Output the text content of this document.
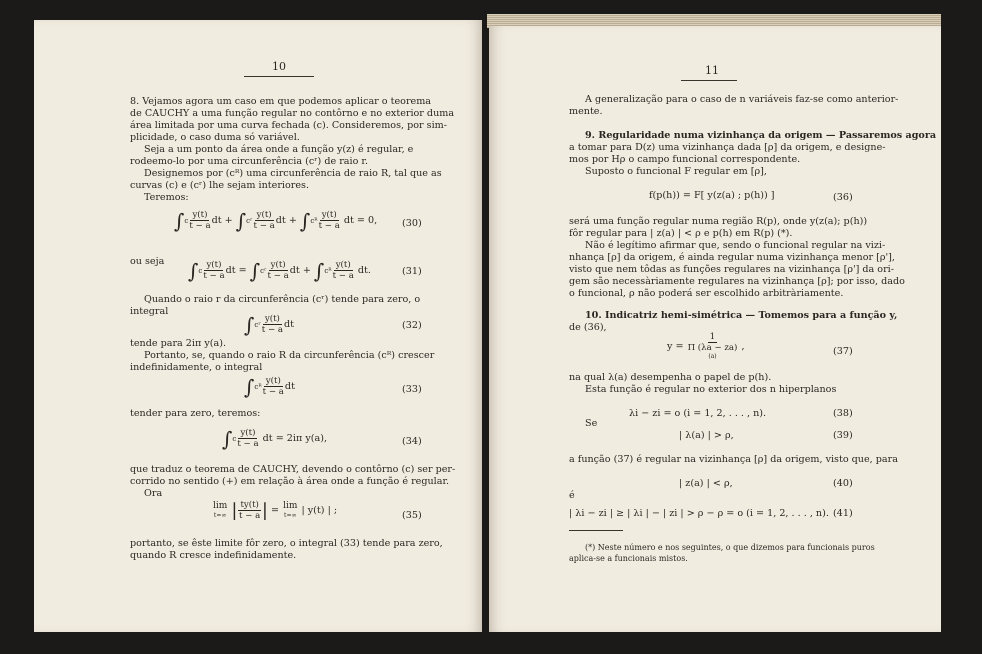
10
8. Vejamos agora um caso em que podemos aplicar o teorema
de CAUCHY a uma função regular no contôrno e no exterior duma
área limitada por uma curva fechada (c). Consideremos, por sim-
plicidade, o caso duma só variável.
Seja a um ponto da área onde a função y(z) é regular, e
rodeemo-lo por uma circunferência (cʳ) de raio r.
Designemos por (cᴿ) uma circunferência de raio R, tal que as
curvas (c) e (cʳ) lhe sejam interiores.
Teremos:
∫ c $\frac{y(t)}{t - a}$ dt + ∫ cʳ $\frac{y(t)}{t - a}$ dt + ∫ cᴿ $\frac{y(t)}{t - a}$
dt = 0,	(30)
ou seja ∫ c $\frac{y(t)}{t - a}$ dt = ∫ cʳ $\frac{y(t)}{t - a}$ dt + ∫ cᴿ $\frac{y(t)}{t - a}$
dt.	(31)
Quando o raio r da circunferência (cʳ) tende para zero, o
integral
∫ cʳ $\frac{y(t)}{t - a}$ dt	(32)
tende para 2iπ y(a).
Portanto, se, quando o raio R da circunferência (cᴿ) crescer
indefinidamente, o integral
∫ cᴿ $\frac{y(t)}{t - a}$ dt	(33)
tender para zero, teremos:
∫ c $\frac{y(t)}{t - a}$
dt = 2iπ y(a),	(34)
que traduz o teorema de CAUCHY, devendo o contôrno (c) ser per-
corrido no sentido (+) em relação à área onde a função é regular.
Ora
lim
t=∞
| $\frac{ty(t)}{t - a}$ | = lim
t=∞
| y(t) | ;	(35)
portanto, se êste limite fôr zero, o integral (33) tende para zero,
quando R cresce indefinidamente.
11
A generalização para o caso de n variáveis faz-se como anterior-
mente.
9. Regularidade numa vizinhança da origem — Passaremos agora
a tomar para D(z) uma vizinhança dada [ρ] da origem, e designe-
mos por Hρ o campo funcional correspondente.
Suposto o funcional F regular em [ρ],
f(p(h)) = F[ y(z(a) ; p(h)) ]	(36)
será uma função regular numa região R(p), onde y(z(a); p(h))
fôr regular para | z(a) | < ρ e p(h) em R(p) (*).
Não é legítimo afirmar que, sendo o funcional regular na vizi-
nhança [ρ] da origem, é ainda regular numa vizinhança menor [ρ'],
visto que nem tôdas as funções regulares na vizinhança [ρ'] da ori-
gem são necessàriamente regulares na vizinhança [ρ]; por isso, dado
o funcional, ρ não poderá ser escolhido arbitràriamente.
10. Indicatriz hemi-simétrica — Tomemos para a função y,
de (36),
y =

1
Π (λa − za)
(a)
,	(37)
na qual λ(a) desempenha o papel de p(h).
Esta função é regular no exterior dos n hiperplanos
λi − zi = o (i = 1, 2, . . . , n).	(38)
Se
| λ(a) | > ρ,	(39)
a função (37) é regular na vizinhança [ρ] da origem, visto que, para
| z(a) | < ρ,	(40)
é
| λi − zi | ≥ | λi | − | zi | > ρ − ρ = o (i = 1, 2, . . . , n). (41)
(*) Neste número e nos seguintes, o que dizemos para funcionais puros
aplica-se a funcionais mistos.
